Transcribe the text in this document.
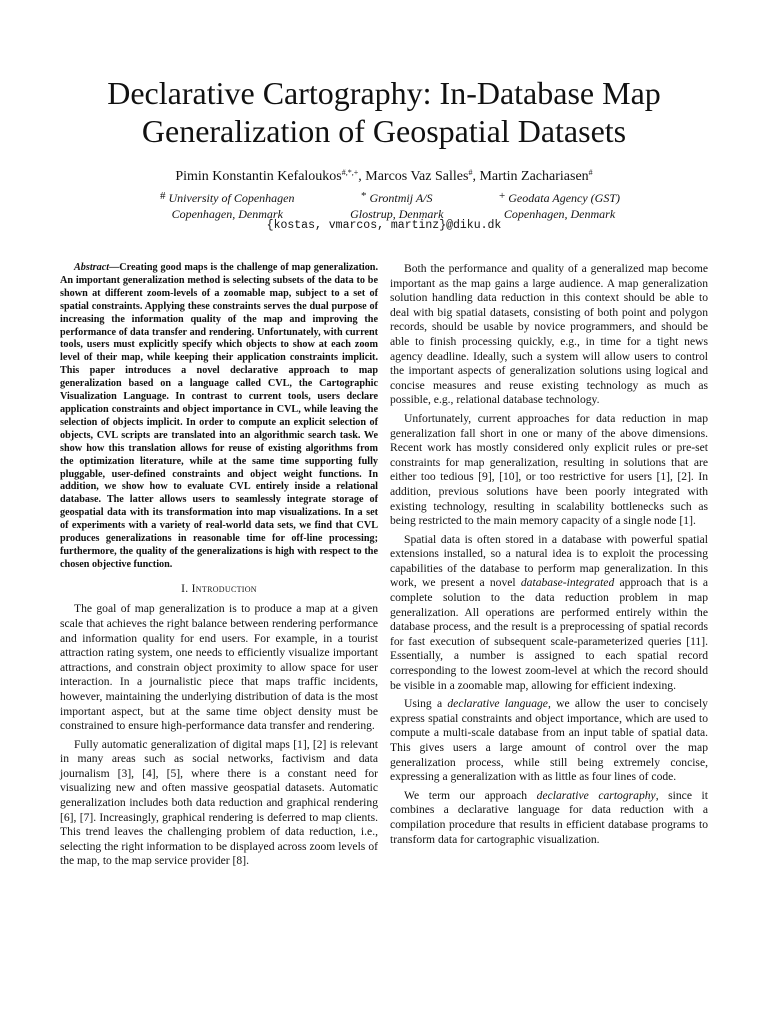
Declarative Cartography: In-Database Map Generalization of Geospatial Datasets
Pimin Konstantin Kefaloukos#,*,+, Marcos Vaz Salles#, Martin Zachariasen#
# University of Copenhagen
Copenhagen, Denmark
* Grontmij A/S
Glostrup, Denmark
+ Geodata Agency (GST)
Copenhagen, Denmark
{kostas, vmarcos, martinz}@diku.dk

Abstract—Creating good maps is the challenge of map generalization. An important generalization method is selecting subsets of the data to be shown at different zoom-levels of a zoomable map, subject to a set of spatial constraints. Applying these constraints serves the dual purpose of increasing the information quality of the map and improving the performance of data transfer and rendering. Unfortunately, with current tools, users must explicitly specify which objects to show at each zoom level of their map, while keeping their application constraints implicit. This paper introduces a novel declarative approach to map generalization based on a language called CVL, the Cartographic Visualization Language. In contrast to current tools, users declare application constraints and object importance in CVL, while leaving the selection of objects implicit. In order to compute an explicit selection of objects, CVL scripts are translated into an algorithmic search task. We show how this translation allows for reuse of existing algorithms from the optimization literature, while at the same time supporting fully pluggable, user-defined constraints and object weight functions. In addition, we show how to evaluate CVL entirely inside a relational database. The latter allows users to seamlessly integrate storage of geospatial data with its transformation into map visualizations. In a set of experiments with a variety of real-world data sets, we find that CVL produces generalizations in reasonable time for off-line processing; furthermore, the quality of the generalizations is high with respect to the chosen objective function.

I. Introduction

The goal of map generalization is to produce a map at a given scale that achieves the right balance between rendering performance and information quality for end users. For example, in a tourist attraction rating system, one needs to efficiently visualize important attractions, and constrain object proximity to allow space for user interaction. In a journalistic piece that maps traffic incidents, however, maintaining the underlying distribution of data is the most important aspect, but at the same time object density must be constrained to ensure high-performance data transfer and rendering.

Fully automatic generalization of digital maps [1], [2] is relevant in many areas such as social networks, factivism and data journalism [3], [4], [5], where there is a constant need for visualizing new and often massive geospatial datasets. Automatic generalization includes both data reduction and graphical rendering [6], [7]. Increasingly, graphical rendering is deferred to map clients. This trend leaves the challenging problem of data reduction, i.e., selecting the right information to be displayed across zoom levels of the map, to the map service provider [8].

Both the performance and quality of a generalized map become important as the map gains a large audience. A map generalization solution handling data reduction in this context should be able to deal with big spatial datasets, consisting of both point and polygon records, should be usable by novice programmers, and should be able to finish processing quickly, e.g., in time for a tight news agency deadline. Ideally, such a system will allow users to control the important aspects of generalization solutions using logical and concise measures and reuse existing technology as much as possible, e.g., relational database technology.

Unfortunately, current approaches for data reduction in map generalization fall short in one or many of the above dimensions. Recent work has mostly considered only explicit rules or pre-set constraints for map generalization, resulting in solutions that are either too tedious [9], [10], or too restrictive for users [1], [2]. In addition, previous solutions have been poorly integrated with existing technology, resulting in scalability bottlenecks such as being restricted to the main memory capacity of a single node [1].

Spatial data is often stored in a database with powerful spatial extensions installed, so a natural idea is to exploit the processing capabilities of the database to perform map generalization. In this work, we present a novel database-integrated approach that is a complete solution to the data reduction problem in map generalization. All operations are performed entirely within the database process, and the result is a preprocessing of spatial records for fast execution of subsequent scale-parameterized queries [11]. Essentially, a number is assigned to each spatial record corresponding to the lowest zoom-level at which the record should be visible in a zoomable map, allowing for efficient indexing.

Using a declarative language, we allow the user to concisely express spatial constraints and object importance, which are used to compute a multi-scale database from an input table of spatial data. This gives users a large amount of control over the map generalization process, while still being extremely concise, expressing a generalization with as little as four lines of code.

We term our approach declarative cartography, since it combines a declarative language for data reduction with a compilation procedure that results in efficient database programs to transform data for cartographic visualization.
